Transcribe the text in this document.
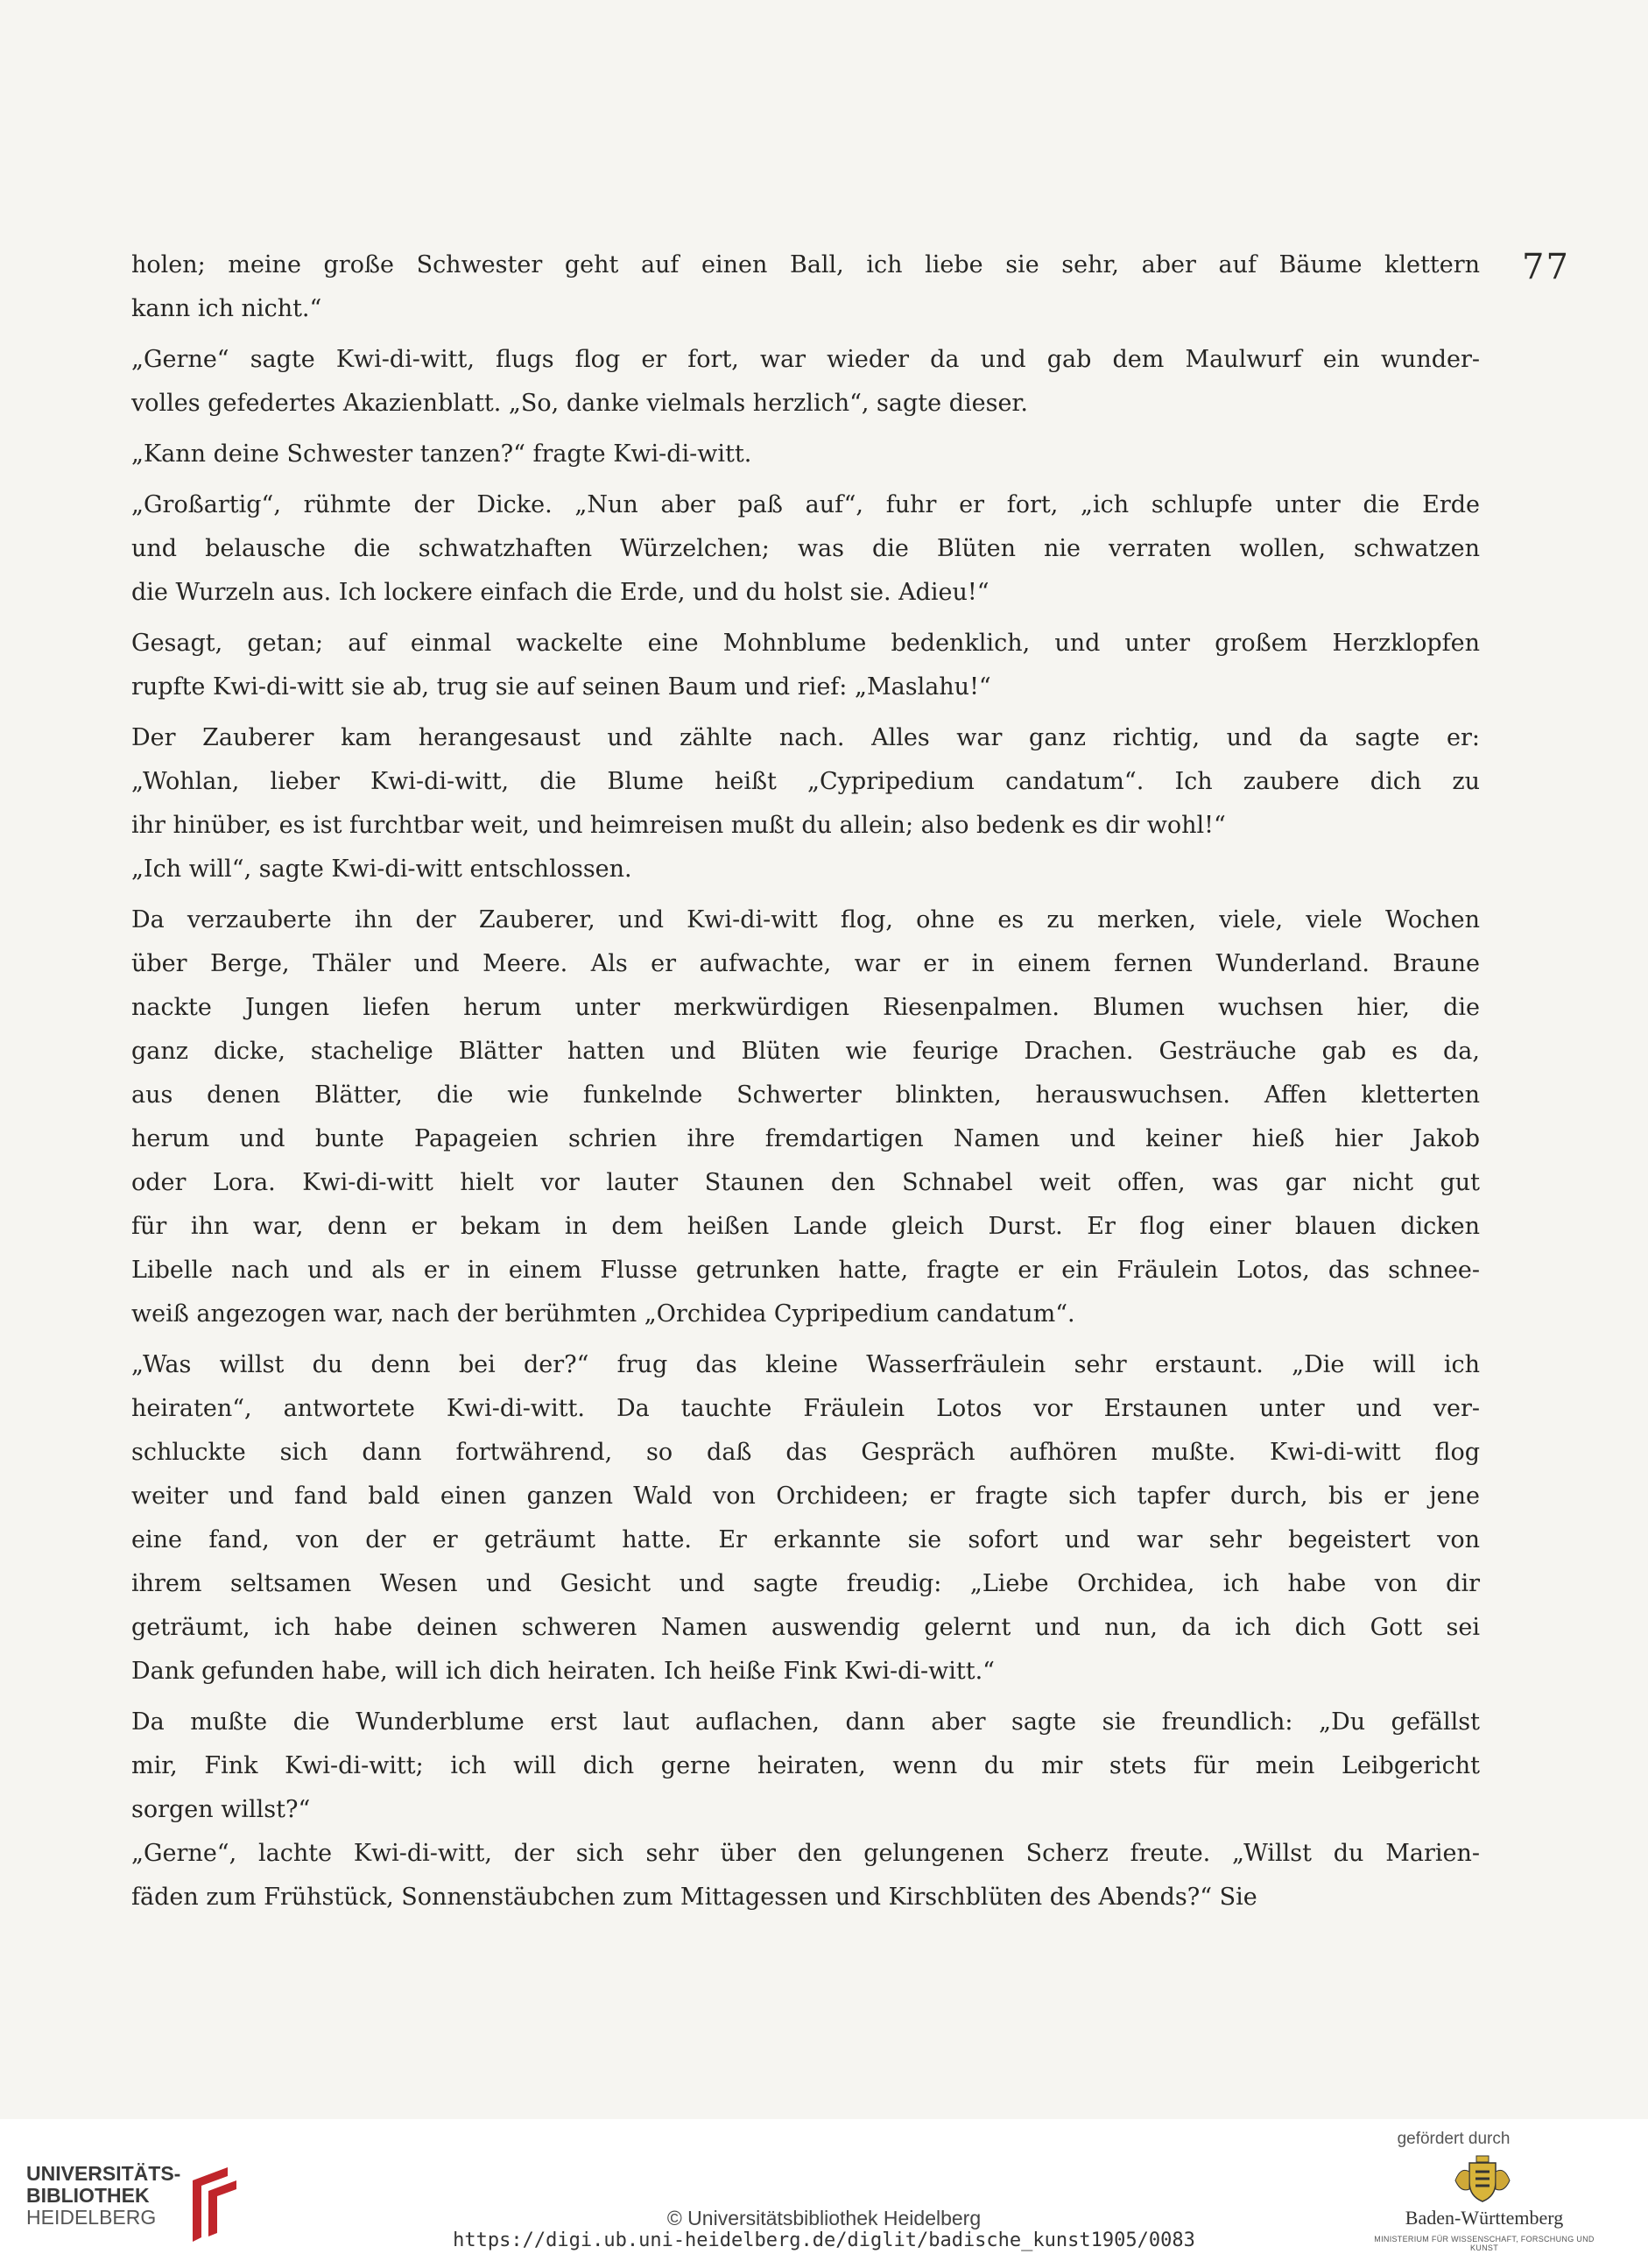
77
holen; meine große Schwester geht auf einen Ball, ich liebe sie sehr, aber auf Bäume klettern
kann ich nicht.“
„Gerne“ sagte Kwi-di-witt, flugs flog er fort, war wieder da und gab dem Maulwurf ein wunder-
volles gefedertes Akazienblatt. „So, danke vielmals herzlich“, sagte dieser.
„Kann deine Schwester tanzen?“ fragte Kwi-di-witt.
„Großartig“, rühmte der Dicke. „Nun aber paß auf“, fuhr er fort, „ich schlupfe unter die Erde
und belausche die schwatzhaften Würzelchen; was die Blüten nie verraten wollen, schwatzen
die Wurzeln aus. Ich lockere einfach die Erde, und du holst sie. Adieu!“
Gesagt, getan; auf einmal wackelte eine Mohnblume bedenklich, und unter großem Herzklopfen
rupfte Kwi-di-witt sie ab, trug sie auf seinen Baum und rief: „Maslahu!“
Der Zauberer kam herangesaust und zählte nach. Alles war ganz richtig, und da sagte er:
„Wohlan, lieber Kwi-di-witt, die Blume heißt „Cypripedium candatum“. Ich zaubere dich zu
ihr hinüber, es ist furchtbar weit, und heimreisen mußt du allein; also bedenk es dir wohl!“
„Ich will“, sagte Kwi-di-witt entschlossen.
Da verzauberte ihn der Zauberer, und Kwi-di-witt flog, ohne es zu merken, viele, viele Wochen
über Berge, Thäler und Meere. Als er aufwachte, war er in einem fernen Wunderland. Braune
nackte Jungen liefen herum unter merkwürdigen Riesenpalmen. Blumen wuchsen hier, die
ganz dicke, stachelige Blätter hatten und Blüten wie feurige Drachen. Gesträuche gab es da,
aus denen Blätter, die wie funkelnde Schwerter blinkten, herauswuchsen. Affen kletterten
herum und bunte Papageien schrien ihre fremdartigen Namen und keiner hieß hier Jakob
oder Lora. Kwi-di-witt hielt vor lauter Staunen den Schnabel weit offen, was gar nicht gut
für ihn war, denn er bekam in dem heißen Lande gleich Durst. Er flog einer blauen dicken
Libelle nach und als er in einem Flusse getrunken hatte, fragte er ein Fräulein Lotos, das schnee-
weiß angezogen war, nach der berühmten „Orchidea Cypripedium candatum“.
„Was willst du denn bei der?“ frug das kleine Wasserfräulein sehr erstaunt. „Die will ich
heiraten“, antwortete Kwi-di-witt. Da tauchte Fräulein Lotos vor Erstaunen unter und ver-
schluckte sich dann fortwährend, so daß das Gespräch aufhören mußte. Kwi-di-witt flog
weiter und fand bald einen ganzen Wald von Orchideen; er fragte sich tapfer durch, bis er jene
eine fand, von der er geträumt hatte. Er erkannte sie sofort und war sehr begeistert von
ihrem seltsamen Wesen und Gesicht und sagte freudig: „Liebe Orchidea, ich habe von dir
geträumt, ich habe deinen schweren Namen auswendig gelernt und nun, da ich dich Gott sei
Dank gefunden habe, will ich dich heiraten. Ich heiße Fink Kwi-di-witt.“
Da mußte die Wunderblume erst laut auflachen, dann aber sagte sie freundlich: „Du gefällst
mir, Fink Kwi-di-witt; ich will dich gerne heiraten, wenn du mir stets für mein Leibgericht
sorgen willst?“
„Gerne“, lachte Kwi-di-witt, der sich sehr über den gelungenen Scherz freute. „Willst du Marien-
fäden zum Frühstück, Sonnenstäubchen zum Mittagessen und Kirschblüten des Abends?“ Sie
UNIVERSITÄTS-
BIBLIOTHEK
HEIDELBERG	© Universitätsbibliothek Heidelberg
https://digi.ub.uni-heidelberg.de/diglit/badische_kunst1905/0083
gefördert durch
Baden-Württemberg
MINISTERIUM FÜR WISSENSCHAFT, FORSCHUNG UND KUNST
